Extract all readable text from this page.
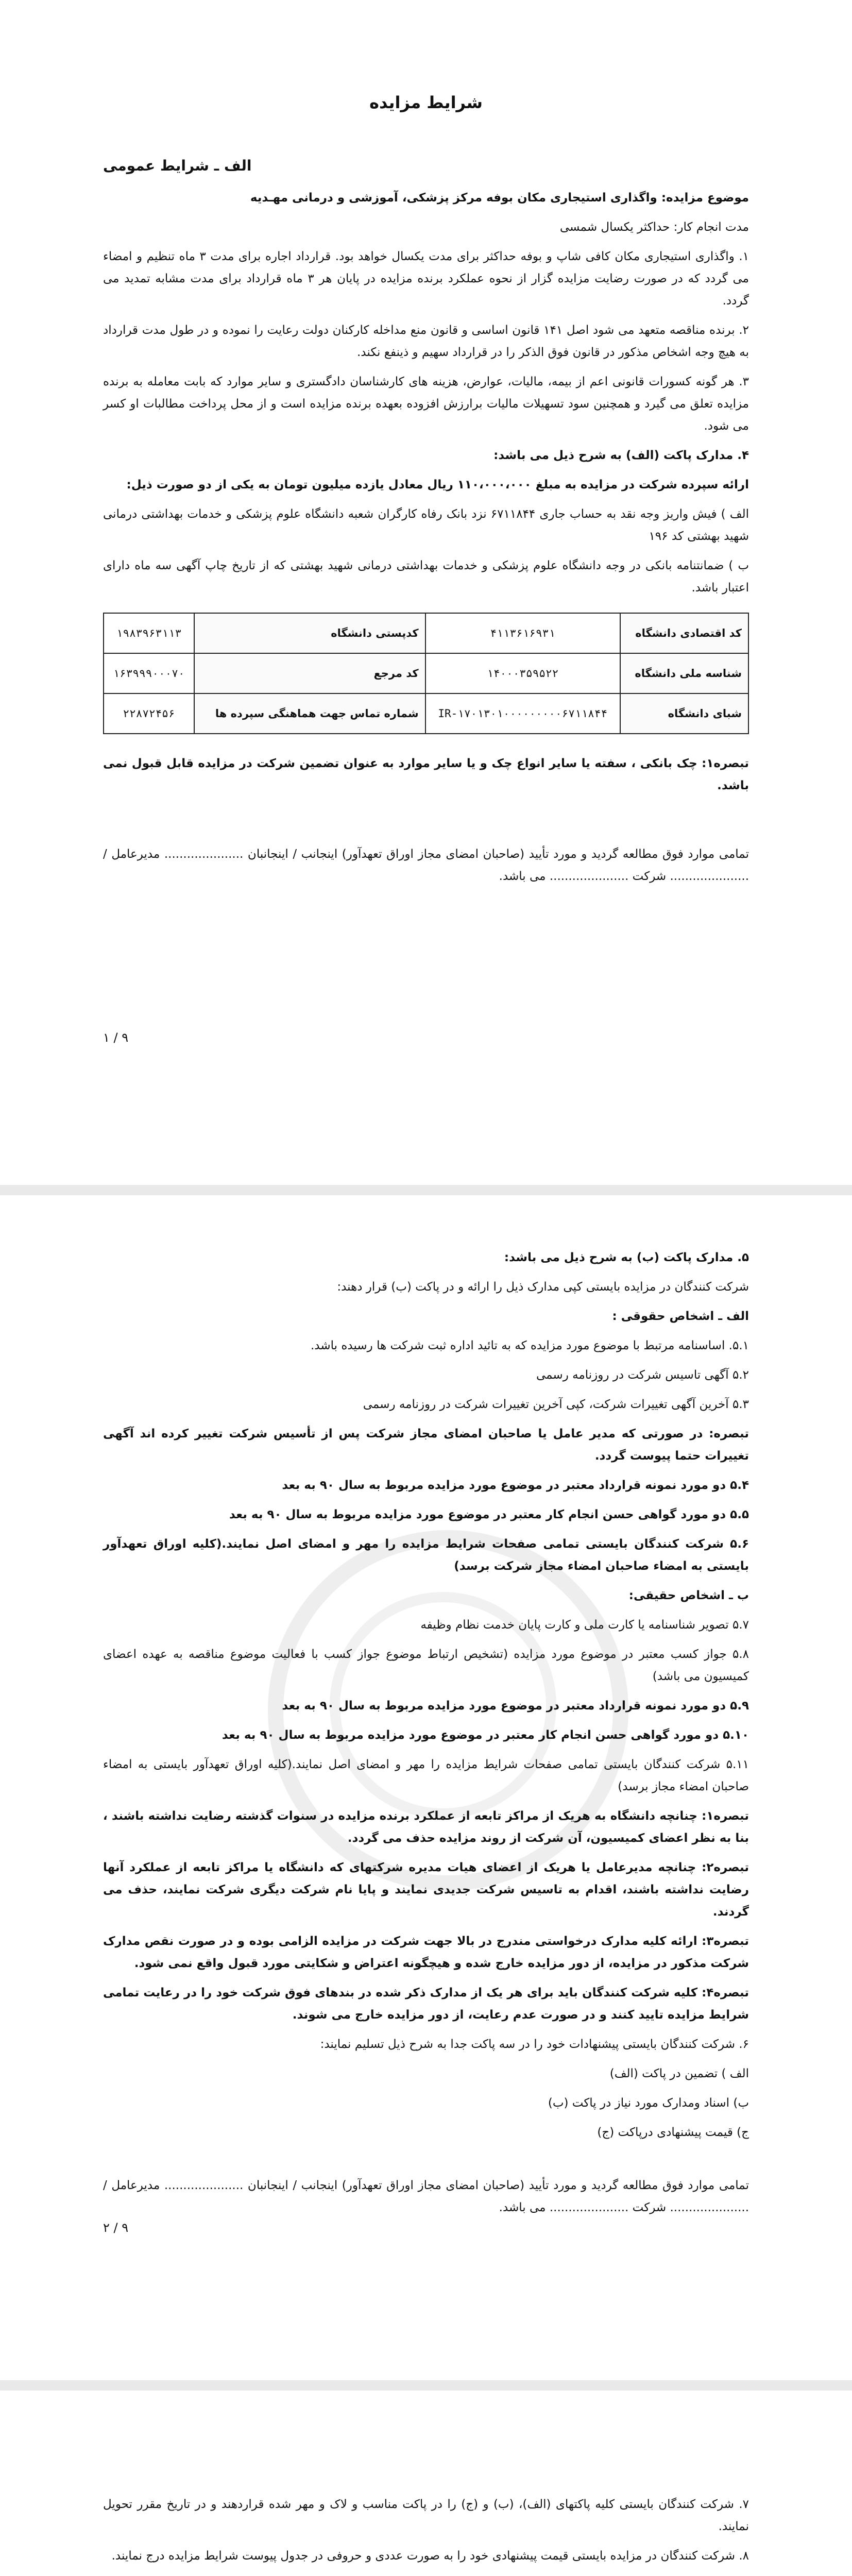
شرایط مزایده

الف ـ شرایط عمومی

موضوع مزایده: واگذاری استیجاری مکان بوفه مرکز پزشکی، آموزشی و درمانی مهـدیه

مدت انجام کار: حداکثر یکسال شمسی

۱. واگذاری استیجاری مکان کافی شاپ و بوفه حداکثر برای مدت یکسال خواهد بود. قرارداد اجاره برای مدت ۳ ماه تنظیم و امضاء می گردد که در صورت رضایت مزایده گزار از نحوه عملکرد برنده مزایده در پایان هر ۳ ماه قرارداد برای مدت مشابه تمدید می گردد.

۲. برنده مناقصه متعهد می شود اصل ۱۴۱ قانون اساسی و قانون منع مداخله کارکنان دولت رعایت را نموده و در طول مدت قرارداد به هیچ وجه اشخاص مذکور در قانون فوق الذکر را در قرارداد سهیم و ذینفع نکند.

۳. هر گونه کسورات قانونی اعم از بیمه، مالیات، عوارض، هزینه های کارشناسان دادگستری و سایر موارد که بابت معامله به برنده مزایده تعلق می گیرد و همچنین سود تسهیلات مالیات برارزش افزوده بعهده برنده مزایده است و از محل پرداخت مطالبات او کسر می شود.

۴. مدارک پاکت (الف) به شرح ذیل می باشد:

ارائه سپرده شرکت در مزایده به مبلغ ۱۱۰،۰۰۰،۰۰۰ ریال معادل یازده میلیون تومان به یکی از دو صورت ذیل:

الف ) فیش واریز وجه نقد به حساب جاری ۶۷۱۱۸۴۴ نزد بانک رفاه کارگران شعبه دانشگاه علوم پزشکی و خدمات بهداشتی درمانی شهید بهشتی کد ۱۹۶

ب ) ضمانتنامه بانکی در وجه دانشگاه علوم پزشکی و خدمات بهداشتی درمانی شهید بهشتی که از تاریخ چاپ آگهی سه ماه دارای اعتبار باشد.

کد اقتصادی دانشگاه	۴۱۱۳۶۱۶۹۳۱	کدپستی دانشگاه	۱۹۸۳۹۶۳۱۱۳
شناسه ملی دانشگاه	۱۴۰۰۰۳۵۹۵۲۲	کد مرجع	۱۶۳۹۹۹۰۰۰۷۰
شبای دانشگاه	IR-۱۷۰۱۳۰۱۰۰۰۰۰۰۰۰۰۶۷۱۱۸۴۴	شماره تماس جهت هماهنگی سپرده ها	۲۲۸۷۲۴۵۶

تبصره۱: چک بانکی ، سفته یا سایر انواع چک و یا سایر موارد به عنوان تضمین شرکت در مزایده قابل قبول نمی باشد.

تمامی موارد فوق مطالعه گردید و مورد تأیید (صاحبان امضای مجاز اوراق تعهدآور) اینجانب / اینجانبان ..................... مدیرعامل / ..................... شرکت ..................... می باشد.

۱ / ۹

۵. مدارک پاکت (ب) به شرح ذیل می باشد:

شرکت کنندگان در مزایده بایستی کپی مدارک ذیل را ارائه و در پاکت (ب) قرار دهند:

الف ـ اشخاص حقوقی :

۵.۱. اساسنامه مرتبط با موضوع مورد مزایده که به تائید اداره ثبت شرکت ها رسیده باشد.

۵.۲ آگهی تاسیس شرکت در روزنامه رسمی

۵.۳ آخرین آگهی تغییرات شرکت، کپی آخرین تغییرات شرکت در روزنامه رسمی

تبصره: در صورتی که مدیر عامل یا صاحبان امضای مجاز شرکت پس از تأسیس شرکت تغییر کرده اند آگهی تغییرات حتما پیوست گردد.

۵.۴ دو مورد نمونه قرارداد معتبر در موضوع مورد مزایده مربوط به سال ۹۰ به بعد

۵.۵ دو مورد گواهی حسن انجام کار معتبر در موضوع مورد مزایده مربوط به سال ۹۰ به بعد

۵.۶ شرکت کنندگان بایستی تمامی صفحات شرایط مزایده را مهر و امضای اصل نمایند.(کلیه اوراق تعهدآور بایستی به امضاء صاحبان امضاء مجاز شرکت برسد)

ب ـ اشخاص حقیقی:

۵.۷ تصویر شناسنامه یا کارت ملی و کارت پایان خدمت نظام وظیفه

۵.۸ جواز کسب معتبر در موضوع مورد مزایده (تشخیص ارتباط موضوع جواز کسب با فعالیت موضوع مناقصه به عهده اعضای کمیسیون می باشد)

۵.۹ دو مورد نمونه قرارداد معتبر در موضوع مورد مزایده مربوط به سال ۹۰ به بعد

۵.۱۰ دو مورد گواهی حسن انجام کار معتبر در موضوع مورد مزایده مربوط به سال ۹۰ به بعد

۵.۱۱ شرکت کنندگان بایستی تمامی صفحات شرایط مزایده را مهر و امضای اصل نمایند.(کلیه اوراق تعهدآور بایستی به امضاء صاحبان امضاء مجاز برسد)

تبصره۱: چنانچه دانشگاه به هریک از مراکز تابعه از عملکرد برنده مزایده در سنوات گذشته رضایت نداشته باشند ، بنا به نظر اعضای کمیسیون، آن شرکت از روند مزایده حذف می گردد.

تبصره۲: چنانچه مدیرعامل یا هریک از اعضای هیات مدیره شرکتهای که دانشگاه یا مراکز تابعه از عملکرد آنها رضایت نداشته باشند، اقدام به تاسیس شرکت جدیدی نمایند و پایا نام شرکت دیگری شرکت نمایند، حذف می گردند.

تبصره۳: ارائه کلیه مدارک درخواستی مندرج در بالا جهت شرکت در مزایده الزامی بوده و در صورت نقص مدارک شرکت مذکور در مزایده، از دور مزایده خارج شده و هیچگونه اعتراض و شکایتی مورد قبول واقع نمی شود.

تبصره۴: کلیه شرکت کنندگان باید برای هر یک از مدارک ذکر شده در بندهای فوق شرکت خود را در رعایت تمامی شرایط مزایده تایید کنند و در صورت عدم رعایت، از دور مزایده خارج می شوند.

۶. شرکت کنندگان بایستی پیشنهادات خود را در سه پاکت جدا به شرح ذیل تسلیم نمایند:

الف ) تضمین در پاکت (الف)

ب) اسناد ومدارک مورد نیاز در پاکت (ب)

ج) قیمت پیشنهادی درپاکت (ج)

تمامی موارد فوق مطالعه گردید و مورد تأیید (صاحبان امضای مجاز اوراق تعهدآور) اینجانب / اینجانبان ..................... مدیرعامل / ..................... شرکت ..................... می باشد.

۲ / ۹

۷. شرکت کنندگان بایستی کلیه پاکتهای (الف)، (ب) و (ج) را در پاکت مناسب و لاک و مهر شده قراردهند و در تاریخ مقرر تحویل نمایند.

۸. شرکت کنندگان در مزایده بایستی قیمت پیشنهادی خود را به صورت عددی و حروفی در جدول پیوست شرایط مزایده درج نمایند.
